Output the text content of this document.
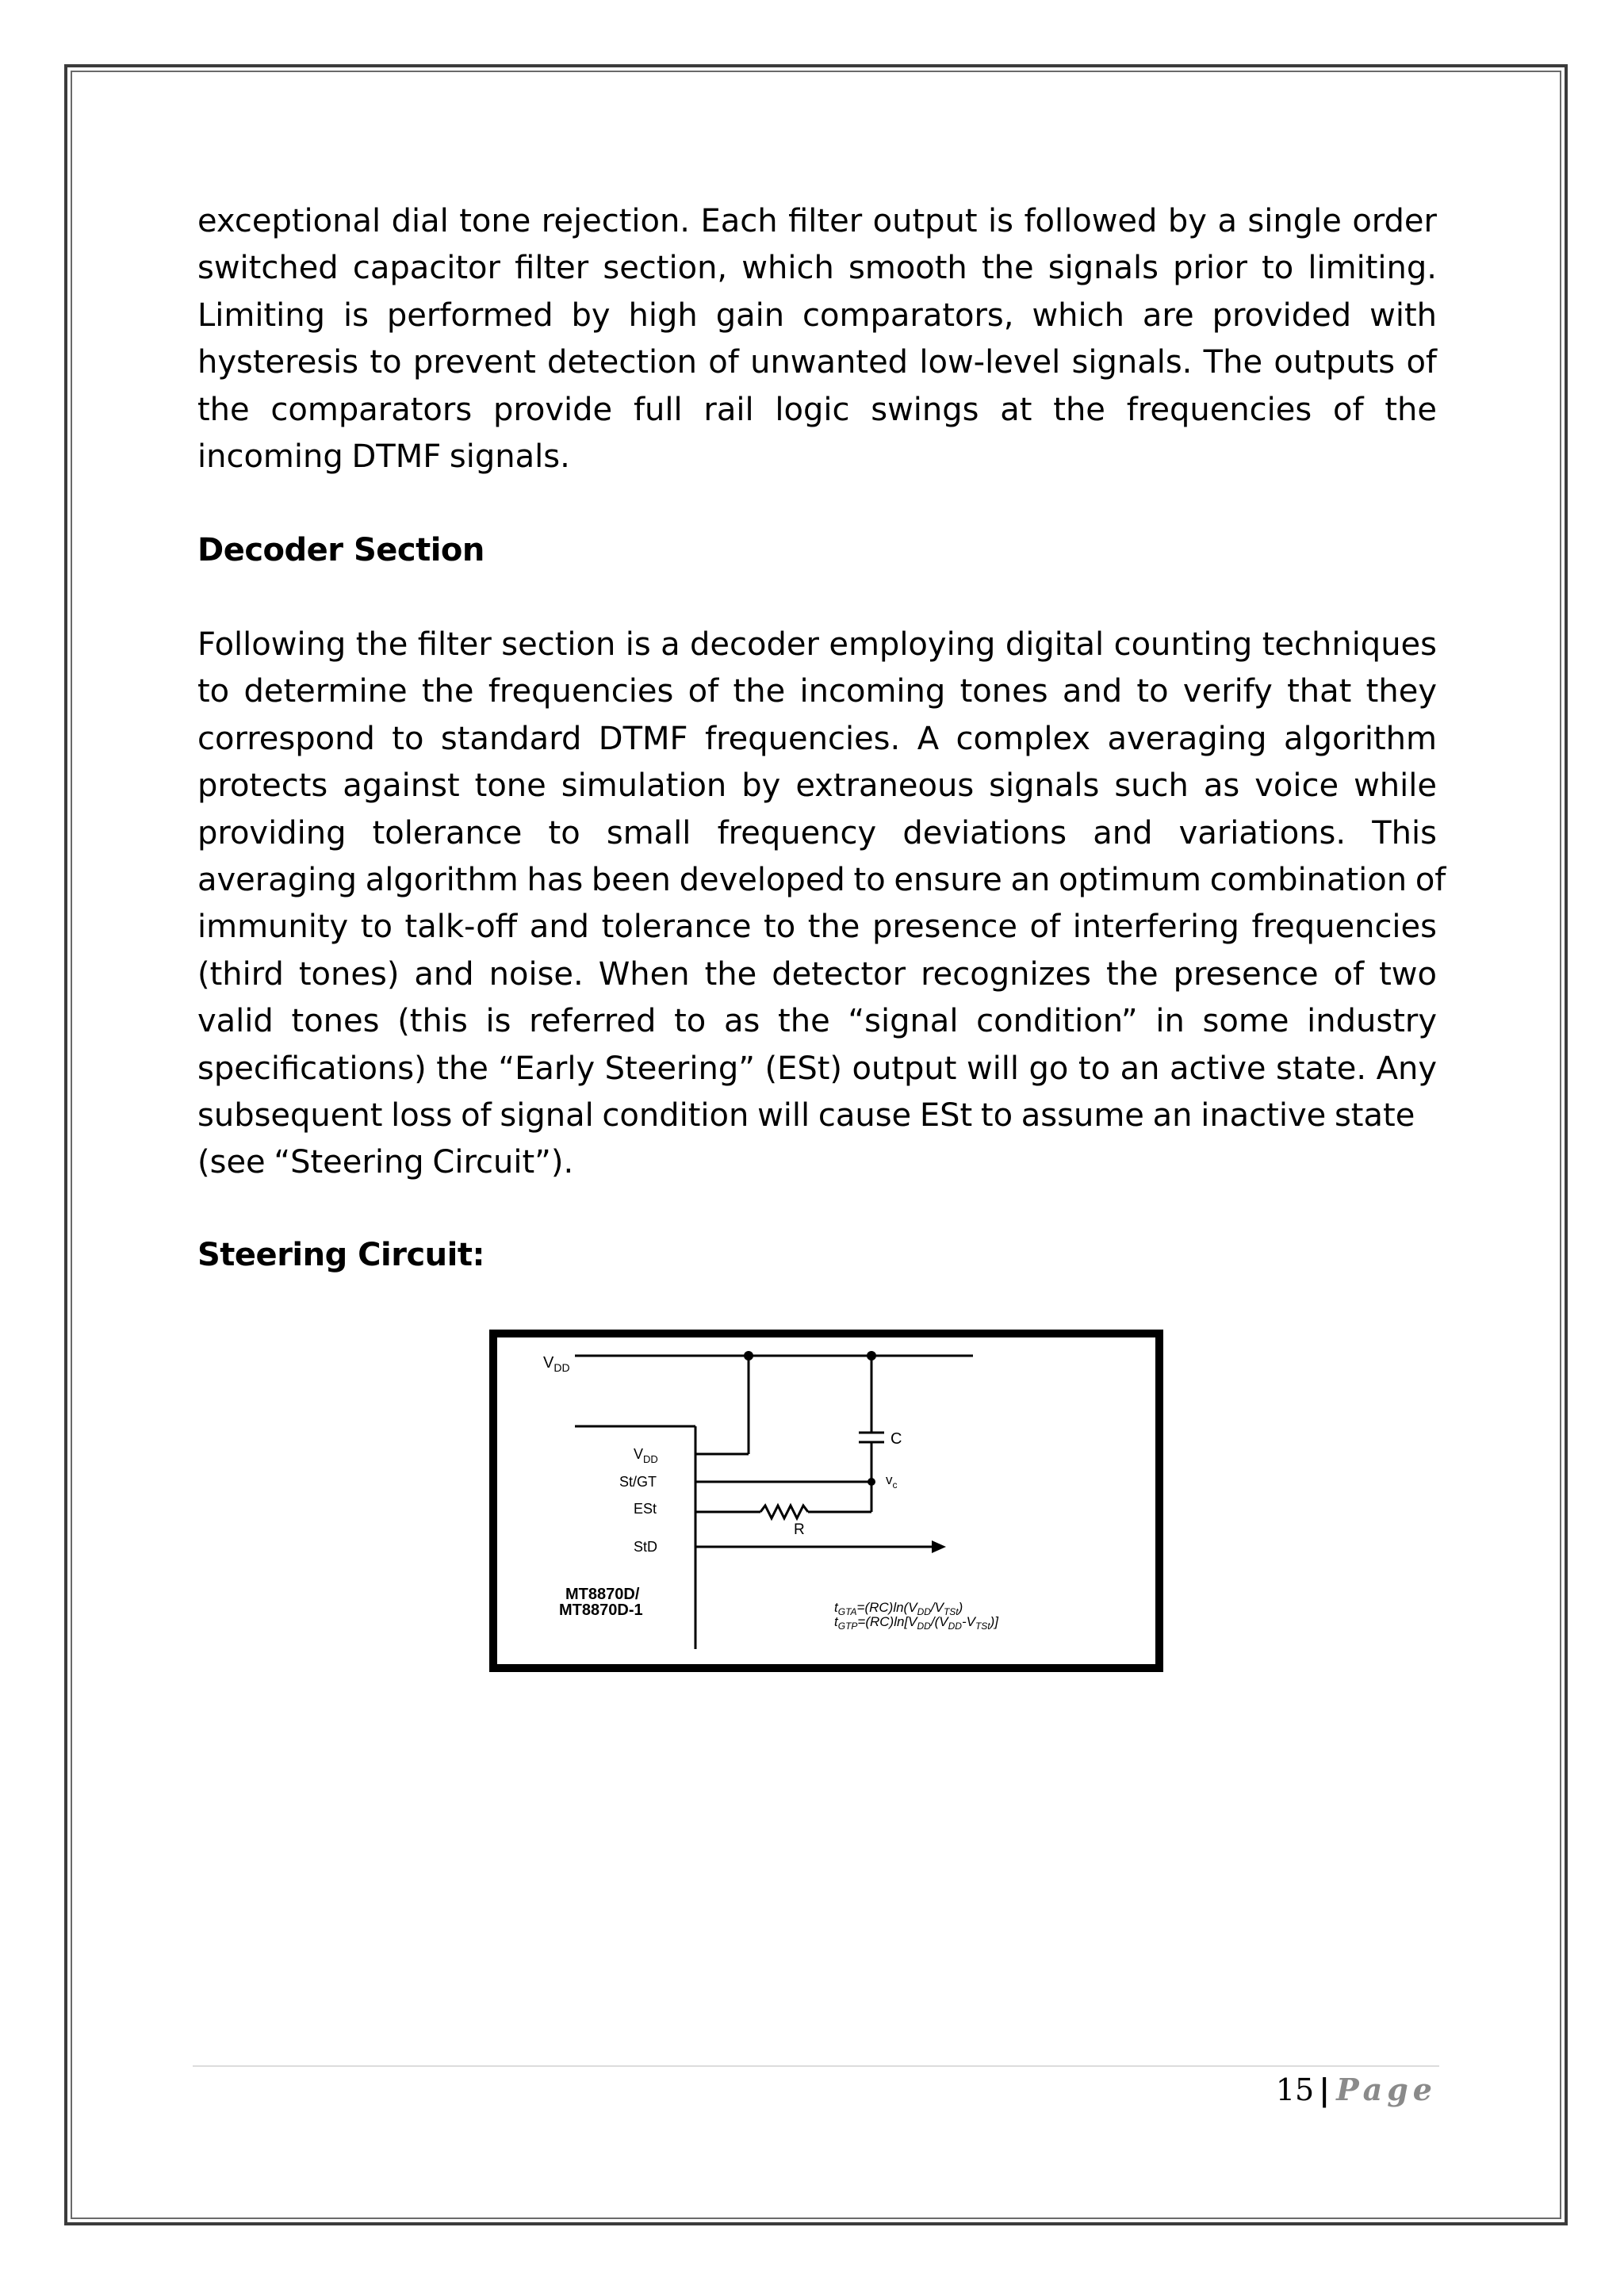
exceptional dial tone rejection. Each filter output is followed by a single order
switched capacitor filter section, which smooth the signals prior to limiting.
Limiting is performed by high gain comparators, which are provided with
hysteresis to prevent detection of unwanted low-level signals. The outputs of
the comparators provide full rail logic swings at the frequencies of the
incoming DTMF signals.
Decoder Section
Following the filter section is a decoder employing digital counting techniques
to determine the frequencies of the incoming tones and to verify that they
correspond to standard DTMF frequencies. A complex averaging algorithm
protects against tone simulation by extraneous signals such as voice while
providing tolerance to small frequency deviations and variations. This
averaging algorithm has been developed to ensure an optimum combination of
immunity to talk-off and tolerance to the presence of interfering frequencies
(third tones) and noise. When the detector recognizes the presence of two
valid tones (this is referred to as the “signal condition” in some industry
specifications) the “Early Steering” (ESt) output will go to an active state. Any
subsequent loss of signal condition will cause ESt to assume an inactive state
(see “Steering Circuit”).
Steering Circuit:
$V_{DD}$
C
$v_c$
R
$V_{DD}$
St/GT
ESt
StD
MT8870D/
MT8870D-1	$t_{GTA}=(RC)\ln(V_{DD}/V_{TSt})$
$t_{GTP}=(RC)\ln[V_{DD}/(V_{DD}-V_{TSt})]$
15 | Page
